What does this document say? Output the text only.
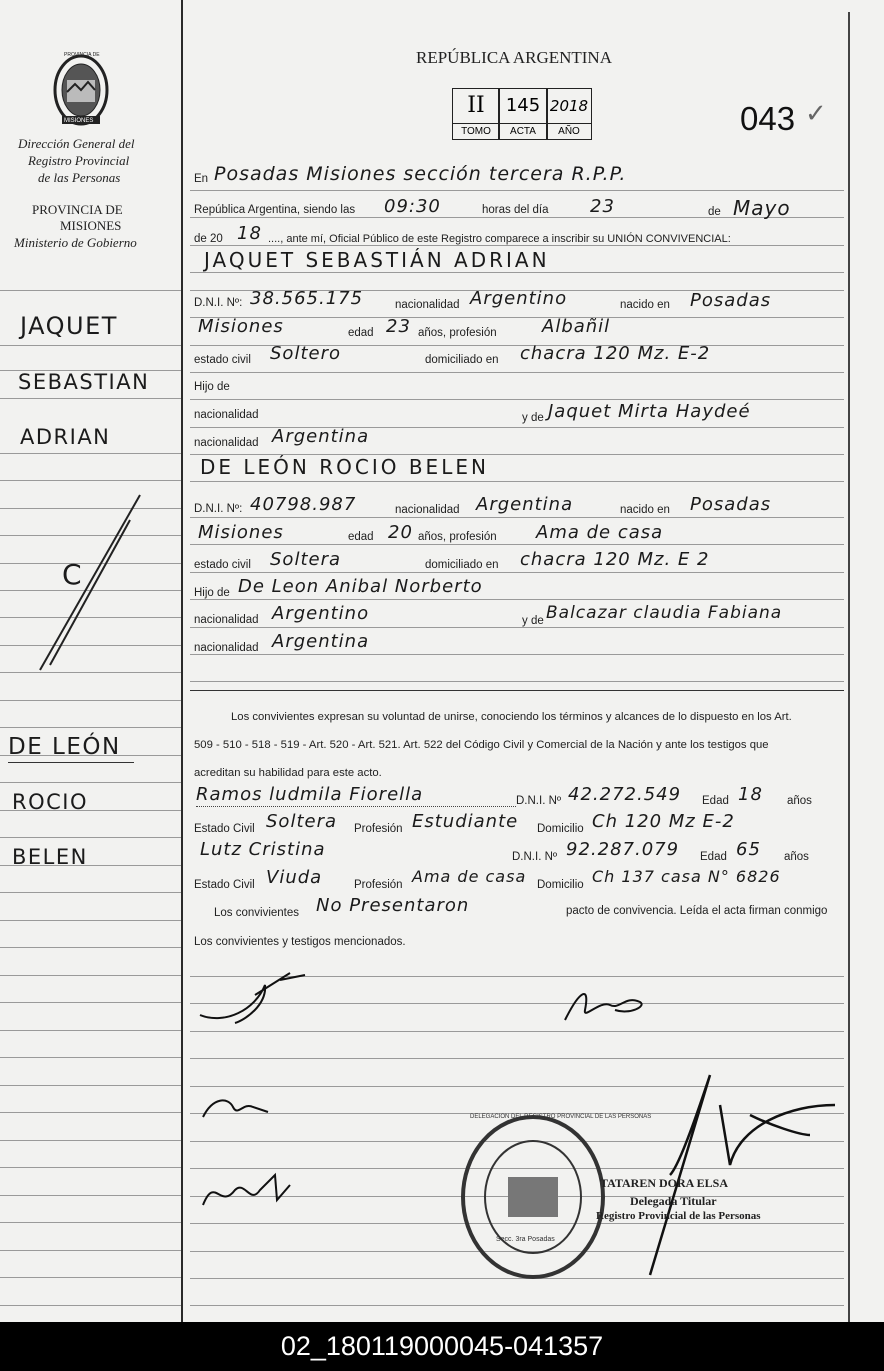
PROVINCIA DE
MISIONES
Dirección General del
Registro Provincial
de las Personas
PROVINCIA DE
MISIONES
Ministerio de Gobierno
JAQUET
SEBASTIAN
ADRIAN
C
DE LEÓN
ROCIO
BELEN
REPÚBLICA ARGENTINA
II
TOMO
145
ACTA
2018
AÑO	043 ✓
En Posadas Misiones sección tercera R.P.P.
República Argentina, siendo las 09:30	horas del día 23	de Mayo
de 20 18 ...., ante mí, Oficial Público de este Registro comparece a inscribir su UNIÓN CONVIVENCIAL:
JAQUET SEBASTIÁN ADRIAN
D.N.I. Nº: 38.565.175	nacionalidad Argentino	nacido en Posadas
Misiones	edad 23 años, profesión	Albañil
estado civil Soltero	domiciliado en chacra 120 Mz. E-2
Hijo de
nacionalidad	y de Jaquet Mirta Haydeé
nacionalidad Argentina
DE LEÓN ROCIO BELEN
D.N.I. Nº: 40798.987	nacionalidad Argentina	nacido en Posadas
Misiones	edad 20 años, profesión Ama de casa
estado civil Soltera	domiciliado en chacra 120 Mz. E 2
Hijo de De Leon Anibal Norberto
nacionalidad Argentino	y de Balcazar claudia Fabiana
nacionalidad Argentina
Los convivientes expresan su voluntad de unirse, conociendo los términos y alcances de lo dispuesto en los Art.
509 - 510 - 518 - 519 - Art. 520 - Art. 521. Art. 522 del Código Civil y Comercial de la Nación y ante los testigos que
acreditan su habilidad para este acto.
Ramos ludmila Fiorella	D.N.I. Nº 42.272.549 Edad 18 años
Estado Civil Soltera Profesión Estudiante Domicilio Ch 120 Mz E-2
Lutz Cristina	D.N.I. Nº 92.287.079 Edad 65 años
Estado Civil Viuda	Profesión Ama de casa Domicilio Ch 137 casa N° 6826
Los convivientes No Presentaron	pacto de convivencia. Leída el acta firman conmigo
Los convivientes y testigos mencionados.
DELEGACION DEL REGISTRO PROVINCIAL DE LAS PERSONAS
Secc. 3ra Posadas
TATAREN DORA ELSA
Delegada Titular
Registro Provincial de las Personas
02_180119000045-041357
